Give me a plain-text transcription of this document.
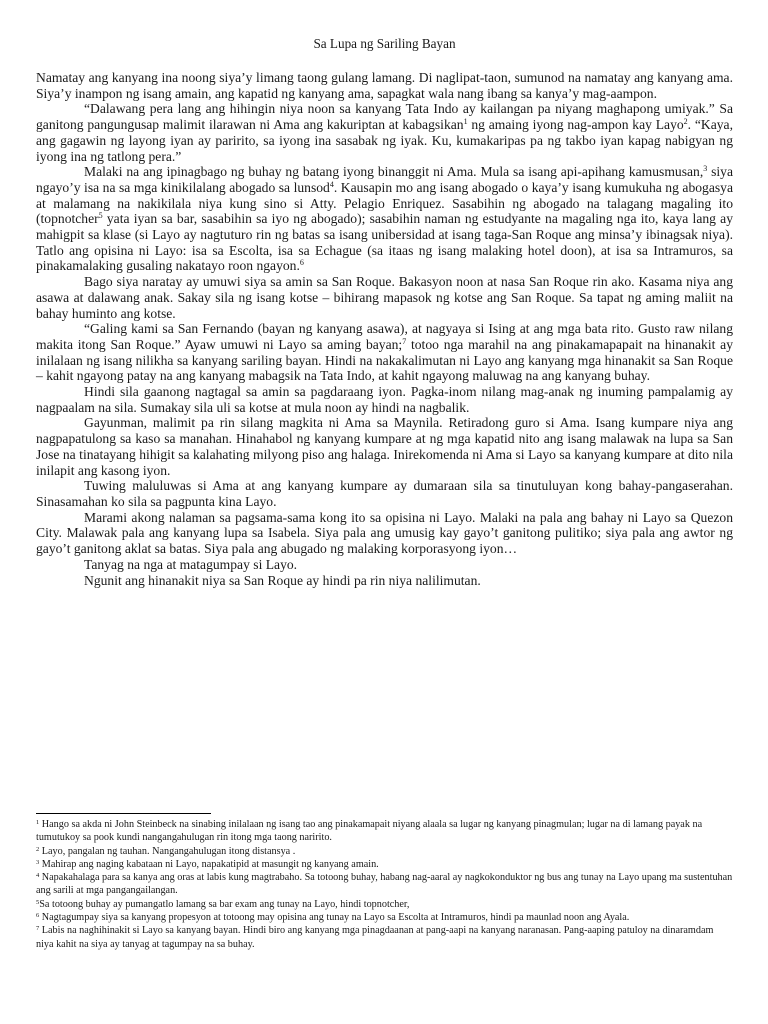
Sa Lupa ng Sariling Bayan

Namatay ang kanyang ina noong siya’y limang taong gulang lamang. Di naglipat-taon, sumunod na namatay ang kanyang ama. Siya’y inampon ng isang amain, ang kapatid ng kanyang ama, sapagkat wala nang ibang sa kanya’y mag-aampon.

“Dalawang pera lang ang hihingin niya noon sa kanyang Tata Indo ay kailangan pa niyang maghapong umiyak.” Sa ganitong pangungusap malimit ilarawan ni Ama ang kakuriptan at kabagsikan$^1$ ng amaing iyong nag-ampon kay Layo$^2$. “Kaya, ang gagawin ng layong iyan ay paririto, sa iyong ina sasabak ng iyak. Ku, kumakaripas pa ng takbo iyan kapag nabigyan ng iyong ina ng tatlong pera.”

Malaki na ang ipinagbago ng buhay ng batang iyong binanggit ni Ama. Mula sa isang api-apihang kamusmusan,$^3$ siya ngayo’y isa na sa mga kinikilalang abogado sa lunsod$^4$. Kausapin mo ang isang abogado o kaya’y isang kumukuha ng abogasya at malamang na nakikilala niya kung sino si Atty. Pelagio Enriquez. Sasabihin ng abogado na talagang magaling ito (topnotcher$^5$ yata iyan sa bar, sasabihin sa iyo ng abogado); sasabihin naman ng estudyante na magaling nga ito, kaya lang ay mahigpit sa klase (si Layo ay nagtuturo rin ng batas sa isang unibersidad at isang taga-San Roque ang minsa’y ibinagsak niya). Tatlo ang opisina ni Layo: isa sa Escolta, isa sa Echague (sa itaas ng isang malaking hotel doon), at isa sa Intramuros, sa pinakamalaking gusaling nakatayo roon ngayon.$^6$

Bago siya naratay ay umuwi siya sa amin sa San Roque. Bakasyon noon at nasa San Roque rin ako. Kasama niya ang asawa at dalawang anak. Sakay sila ng isang kotse – bihirang mapasok ng kotse ang San Roque. Sa tapat ng aming maliit na bahay huminto ang kotse.

“Galing kami sa San Fernando (bayan ng kanyang asawa), at nagyaya si Ising at ang mga bata rito. Gusto raw nilang makita itong San Roque.” Ayaw umuwi ni Layo sa aming bayan;$^7$ totoo nga marahil na ang pinakamapapait na hinanakit ay inilalaan ng isang nilikha sa kanyang sariling bayan. Hindi na nakakalimutan ni Layo ang kanyang mga hinanakit sa San Roque – kahit ngayong patay na ang kanyang mabagsik na Tata Indo, at kahit ngayong maluwag na ang kanyang buhay.

Hindi sila gaanong nagtagal sa amin sa pagdaraang iyon. Pagka-inom nilang mag-anak ng inuming pampalamig ay nagpaalam na sila. Sumakay sila uli sa kotse at mula noon ay hindi na nagbalik.

Gayunman, malimit pa rin silang magkita ni Ama sa Maynila. Retiradong guro si Ama. Isang kumpare niya ang nagpapatulong sa kaso sa manahan. Hinahabol ng kanyang kumpare at ng mga kapatid nito ang isang malawak na lupa sa San Jose na tinatayang hihigit sa kalahating milyong piso ang halaga. Inirekomenda ni Ama si Layo sa kanyang kumpare at dito nila inilapit ang kasong iyon.

Tuwing maluluwas si Ama at ang kanyang kumpare ay dumaraan sila sa tinutuluyan kong bahay-pangaserahan. Sinasamahan ko sila sa pagpunta kina Layo.

Marami akong nalaman sa pagsama-sama kong ito sa opisina ni Layo. Malaki na pala ang bahay ni Layo sa Quezon City. Malawak pala ang kanyang lupa sa Isabela. Siya pala ang umusig kay gayo’t ganitong pulitiko; siya pala ang awtor ng gayo’t ganitong aklat sa batas. Siya pala ang abugado ng malaking korporasyong iyon…

Tanyag na nga at matagumpay si Layo.

Ngunit ang hinanakit niya sa San Roque ay hindi pa rin niya nalilimutan.

$^1$ Hango sa akda ni John Steinbeck na sinabing inilalaan ng isang tao ang pinakamapait niyang alaala sa lugar ng kanyang pinagmulan; lugar na di lamang payak na tumutukoy sa pook kundi nangangahulugan rin itong mga taong naririto.

$^2$ Layo, pangalan ng tauhan. Nangangahulugan itong distansya .

$^3$ Mahirap ang naging kabataan ni Layo, napakatipid at masungit ng kanyang amain.

$^4$ Napakahalaga para sa kanya ang oras at labis kung magtrabaho. Sa totoong buhay, habang nag-aaral ay nagkokonduktor ng bus ang tunay na Layo upang ma sustentuhan ang sarili at mga pangangailangan.

$^5$Sa totoong buhay ay pumangatlo lamang sa bar exam ang tunay na Layo, hindi topnotcher,

$^6$ Nagtagumpay siya sa kanyang propesyon at totoong may opisina ang tunay na Layo sa Escolta at Intramuros, hindi pa maunlad noon ang Ayala.

$^7$ Labis na naghihinakit si Layo sa kanyang bayan. Hindi biro ang kanyang mga pinagdaanan at pang-aapi na kanyang naranasan. Pang-aaping patuloy na dinaramdam niya kahit na siya ay tanyag at tagumpay na sa buhay.
